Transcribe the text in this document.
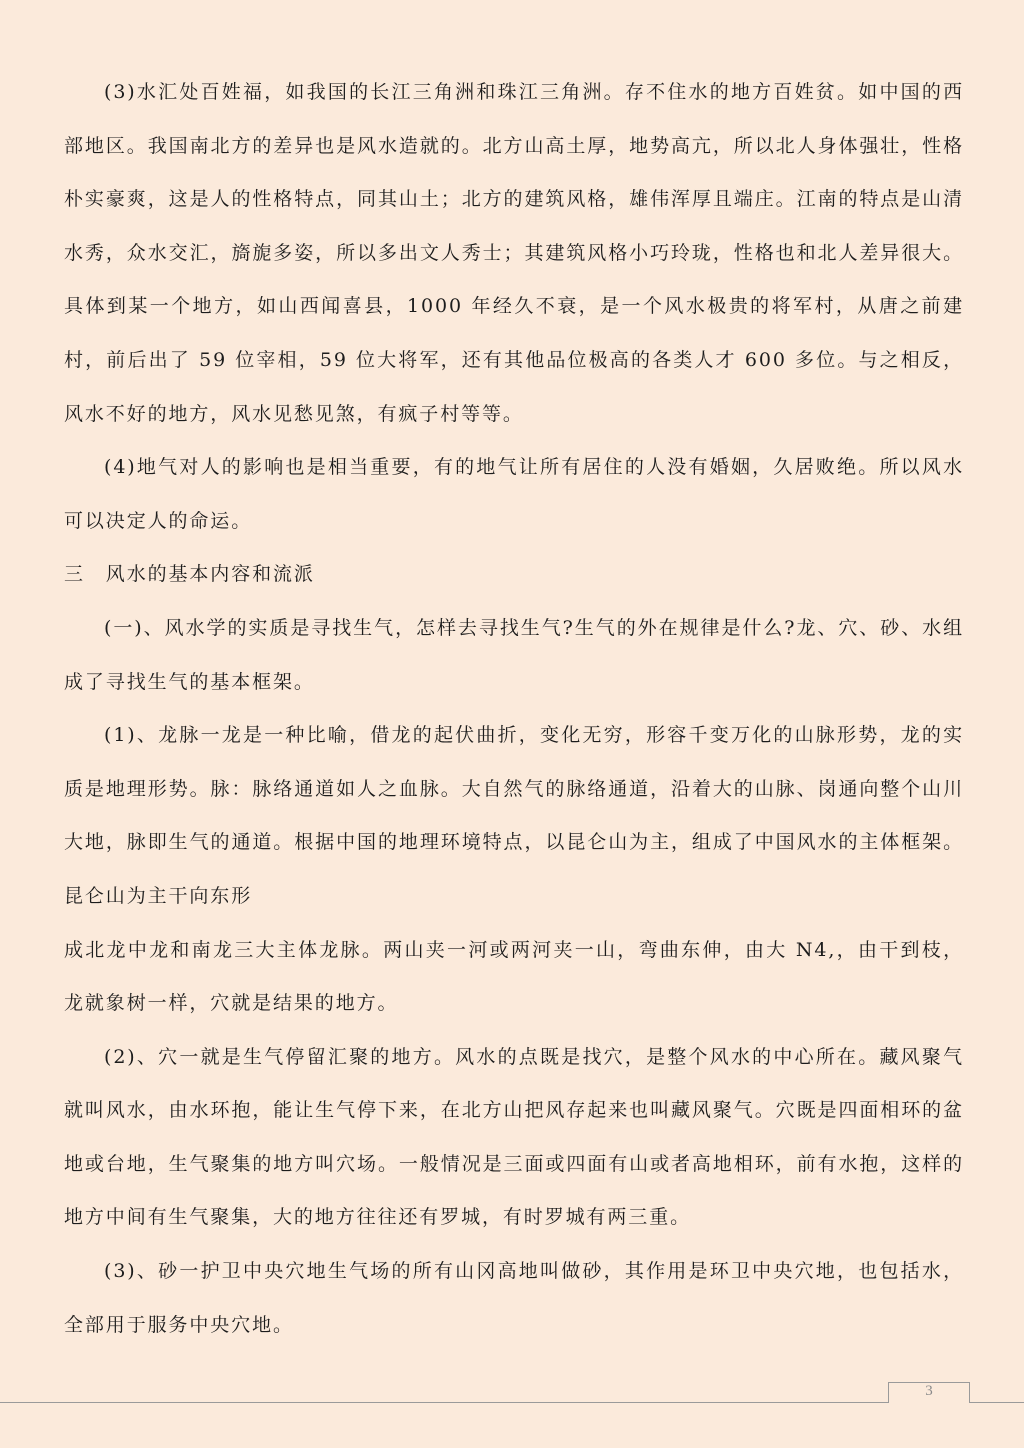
(3)水汇处百姓福，如我国的长江三角洲和珠江三角洲。存不住水的地方百姓贫。如中国的西部地区。我国南北方的差异也是风水造就的。北方山高土厚，地势高亢，所以北人身体强壮，性格朴实豪爽，这是人的性格特点，同其山土；北方的建筑风格，雄伟浑厚且端庄。江南的特点是山清水秀，众水交汇，旖旎多姿，所以多出文人秀士；其建筑风格小巧玲珑，性格也和北人差异很大。具体到某一个地方，如山西闻喜县，1000 年经久不衰，是一个风水极贵的将军村，从唐之前建村，前后出了 59 位宰相，59 位大将军，还有其他品位极高的各类人才 600 多位。与之相反，风水不好的地方，风水见愁见煞，有疯子村等等。

(4)地气对人的影响也是相当重要，有的地气让所有居住的人没有婚姻，久居败绝。所以风水可以决定人的命运。

三　风水的基本内容和流派

(一)、风水学的实质是寻找生气，怎样去寻找生气?生气的外在规律是什么?龙、穴、砂、水组成了寻找生气的基本框架。

(1)、龙脉一龙是一种比喻，借龙的起伏曲折，变化无穷，形容千变万化的山脉形势，龙的实质是地理形势。脉：脉络通道如人之血脉。大自然气的脉络通道，沿着大的山脉、岗通向整个山川大地，脉即生气的通道。根据中国的地理环境特点，以昆仑山为主，组成了中国风水的主体框架。昆仑山为主干向东形

成北龙中龙和南龙三大主体龙脉。两山夹一河或两河夹一山，弯曲东伸，由大 N4,，由干到枝，龙就象树一样，穴就是结果的地方。

(2)、穴一就是生气停留汇聚的地方。风水的点既是找穴，是整个风水的中心所在。藏风聚气就叫风水，由水环抱，能让生气停下来，在北方山把风存起来也叫藏风聚气。穴既是四面相环的盆地或台地，生气聚集的地方叫穴场。一般情况是三面或四面有山或者高地相环，前有水抱，这样的地方中间有生气聚集，大的地方往往还有罗城，有时罗城有两三重。

(3)、砂一护卫中央穴地生气场的所有山冈高地叫做砂，其作用是环卫中央穴地，也包括水，全部用于服务中央穴地。

3
